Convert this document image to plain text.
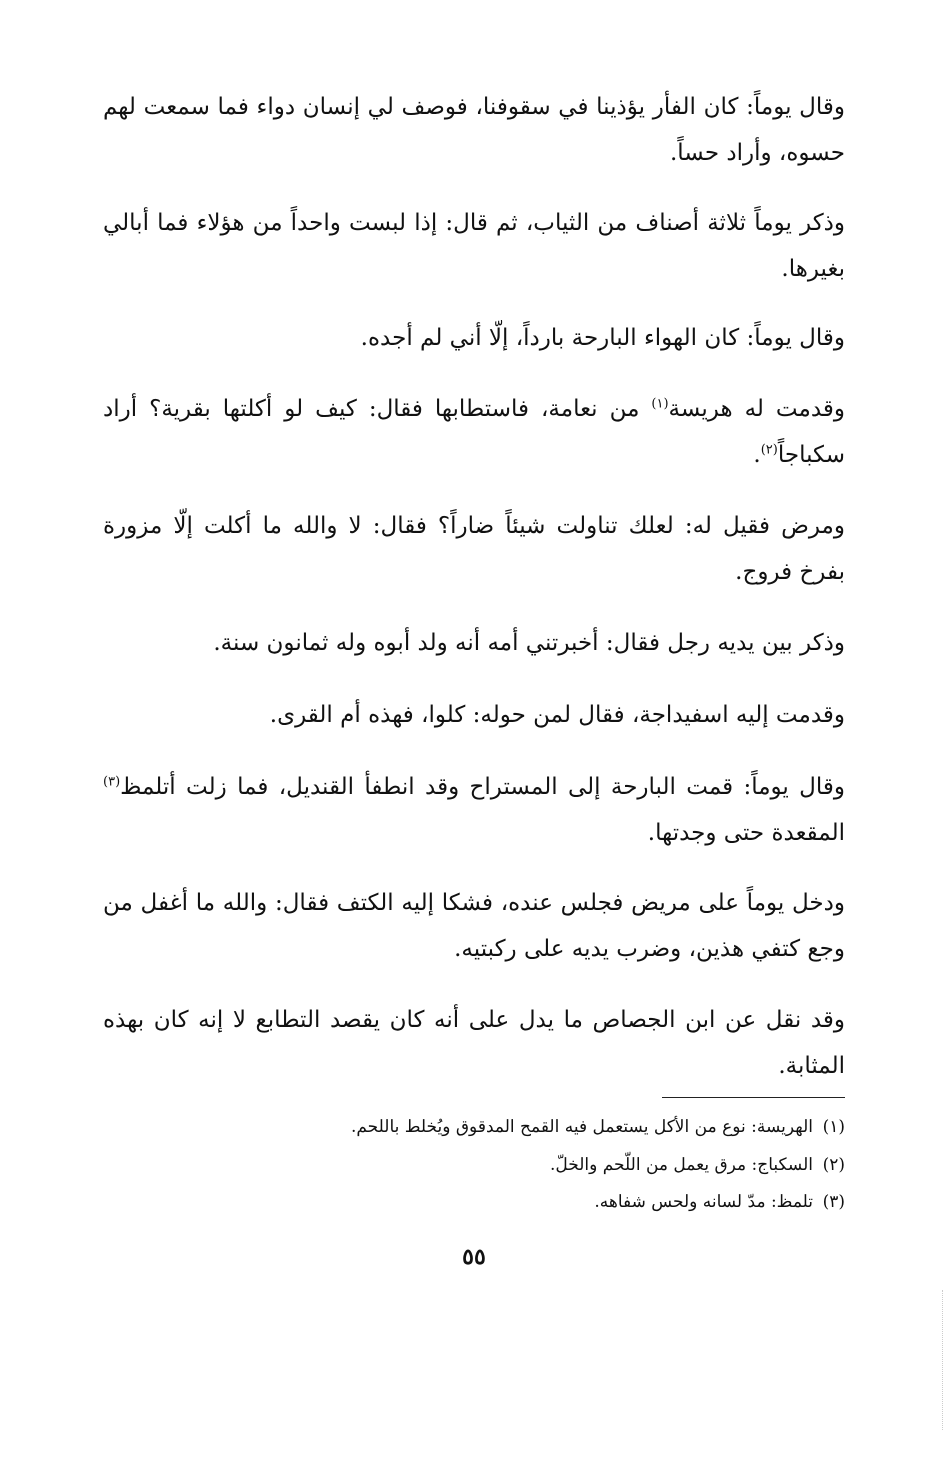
وقال يوماً: كان الفأر يؤذينا في سقوفنا، فوصف لي إنسان دواء فما سمعت لهم حسوه، وأراد حساً.

وذكر يوماً ثلاثة أصناف من الثياب، ثم قال: إذا لبست واحداً من هؤلاء فما أبالي بغيرها.

وقال يوماً: كان الهواء البارحة بارداً، إلّا أني لم أجده.

وقدمت له هريسة$^{(١)}$ من نعامة، فاستطابها فقال: كيف لو أكلتها بقرية؟ أراد سكباجاً$^{(٢)}$.

ومرض فقيل له: لعلك تناولت شيئاً ضاراً؟ فقال: لا والله ما أكلت إلّا مزورة بفرخ فروج.

وذكر بين يديه رجل فقال: أخبرتني أمه أنه ولد أبوه وله ثمانون سنة.

وقدمت إليه اسفيداجة، فقال لمن حوله: كلوا، فهذه أم القرى.

وقال يوماً: قمت البارحة إلى المستراح وقد انطفأ القنديل، فما زلت أتلمظ$^{(٣)}$ المقعدة حتى وجدتها.

ودخل يوماً على مريض فجلس عنده، فشكا إليه الكتف فقال: والله ما أغفل من وجع كتفي هذين، وضرب يديه على ركبتيه.

وقد نقل عن ابن الجصاص ما يدل على أنه كان يقصد التطابع لا إنه كان بهذه المثابة.

(١)الهريسة: نوع من الأكل يستعمل فيه القمح المدقوق ويُخلط باللحم.

(٢)السكباج: مرق يعمل من اللّحم والخلّ.

(٣)تلمظ: مدّ لسانه ولحس شفاهه.

٥٥
